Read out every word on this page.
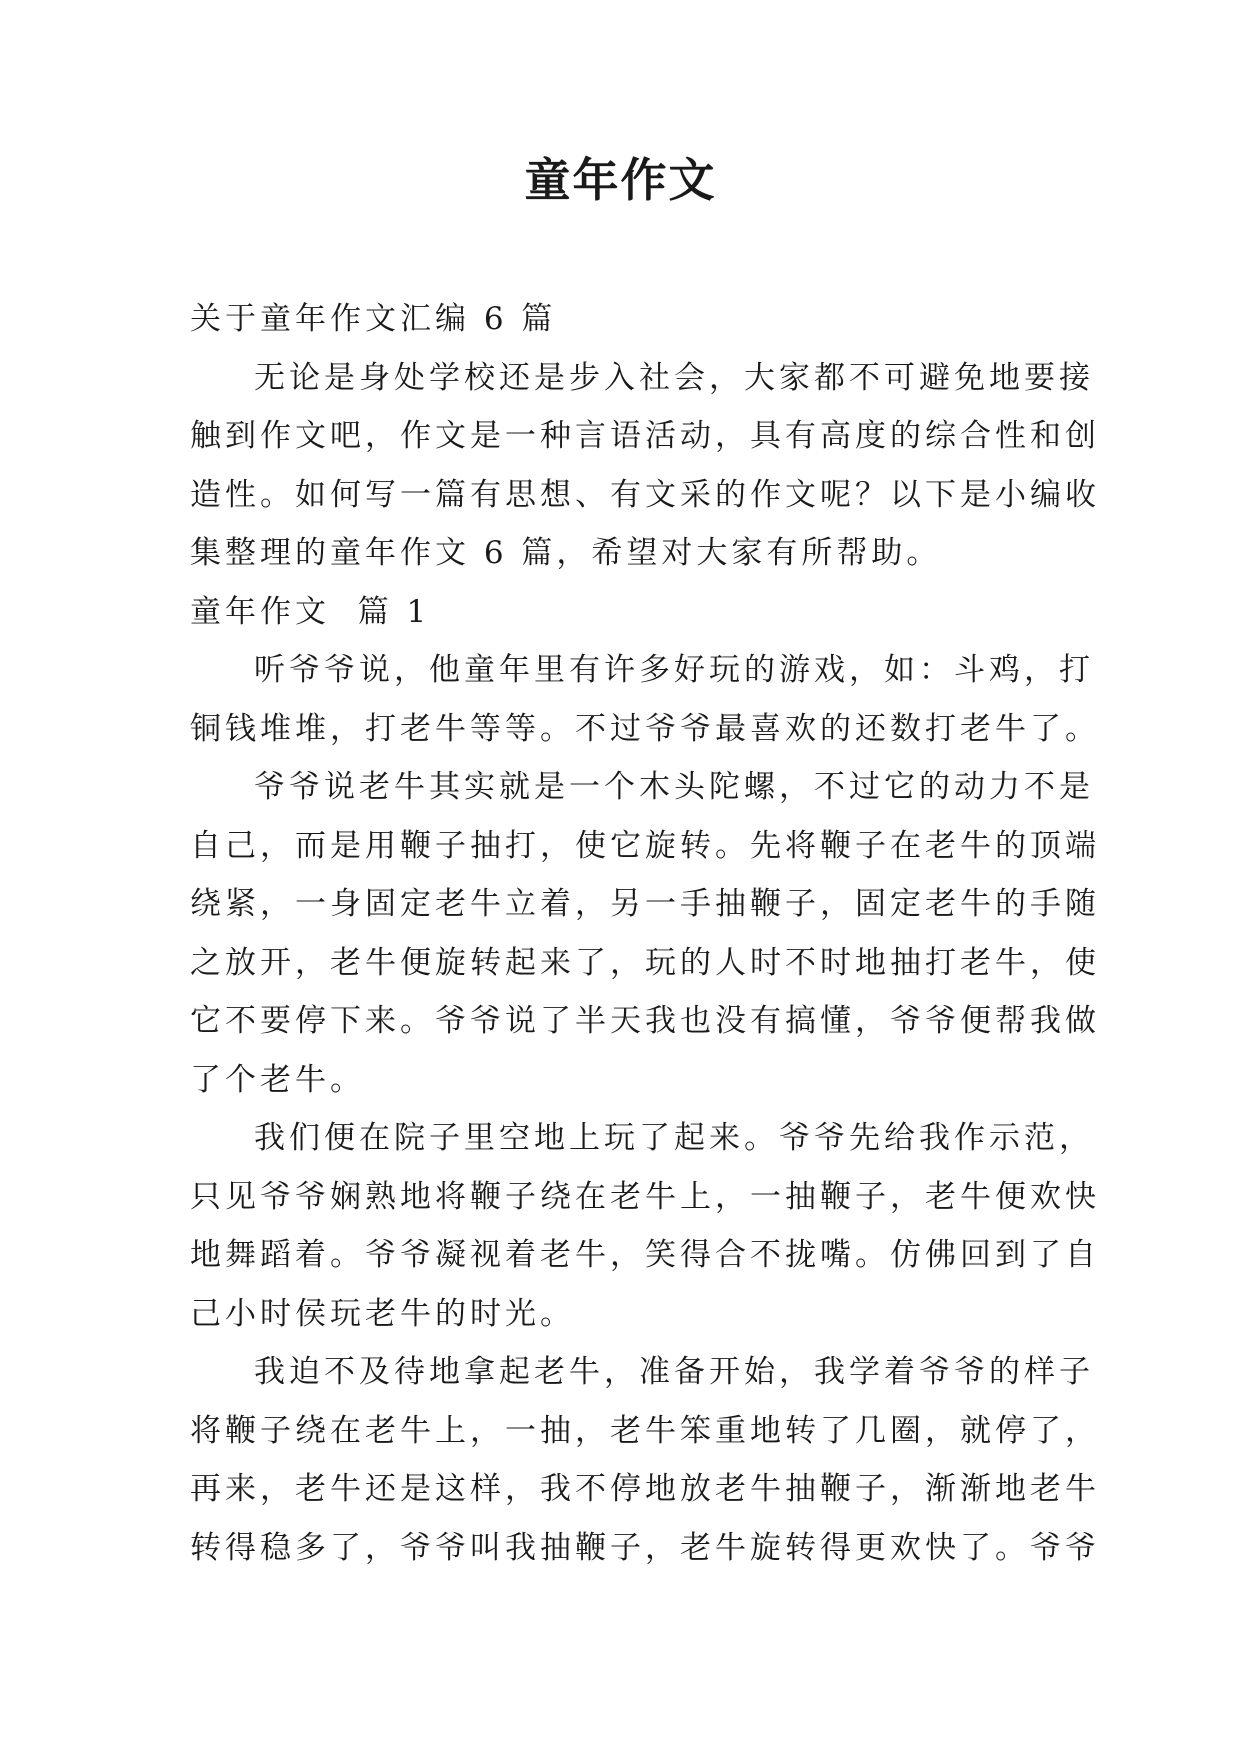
童年作文
关于童年作文汇编 6 篇
无论是身处学校还是步入社会，大家都不可避免地要接
触到作文吧，作文是一种言语活动，具有高度的综合性和创
造性。如何写一篇有思想、有文采的作文呢？以下是小编收
集整理的童年作文 6 篇，希望对大家有所帮助。
童年作文  篇 1
听爷爷说，他童年里有许多好玩的游戏，如：斗鸡，打
铜钱堆堆，打老牛等等。不过爷爷最喜欢的还数打老牛了。
爷爷说老牛其实就是一个木头陀螺，不过它的动力不是
自己，而是用鞭子抽打，使它旋转。先将鞭子在老牛的顶端
绕紧，一身固定老牛立着，另一手抽鞭子，固定老牛的手随
之放开，老牛便旋转起来了，玩的人时不时地抽打老牛，使
它不要停下来。爷爷说了半天我也没有搞懂，爷爷便帮我做
了个老牛。
我们便在院子里空地上玩了起来。爷爷先给我作示范，
只见爷爷娴熟地将鞭子绕在老牛上，一抽鞭子，老牛便欢快
地舞蹈着。爷爷凝视着老牛，笑得合不拢嘴。仿佛回到了自
己小时侯玩老牛的时光。
我迫不及待地拿起老牛，准备开始，我学着爷爷的样子
将鞭子绕在老牛上，一抽，老牛笨重地转了几圈，就停了，
再来，老牛还是这样，我不停地放老牛抽鞭子，渐渐地老牛
转得稳多了，爷爷叫我抽鞭子，老牛旋转得更欢快了。爷爷
